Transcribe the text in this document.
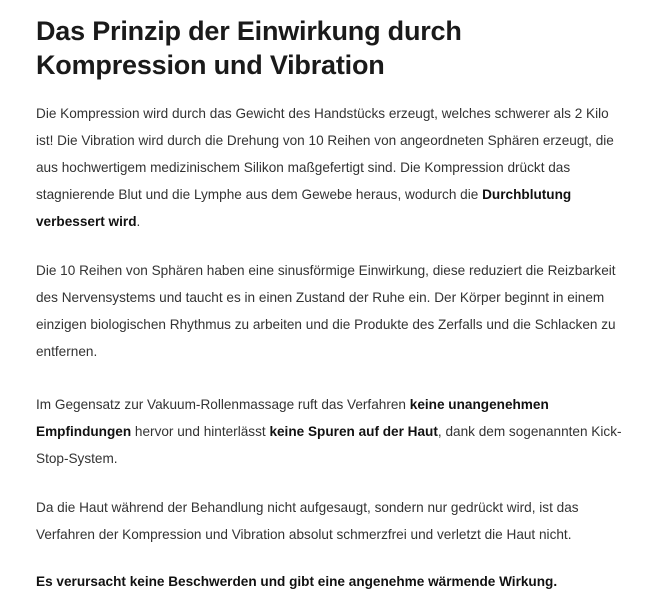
Das Prinzip der Einwirkung durch Kompression und Vibration

Die Kompression wird durch das Gewicht des Handstücks erzeugt, welches schwerer als 2 Kilo ist! Die Vibration wird durch die Drehung von 10 Reihen von angeordneten Sphären erzeugt, die aus hochwertigem medizinischem Silikon maßgefertigt sind. Die Kompression drückt das stagnierende Blut und die Lymphe aus dem Gewebe heraus, wodurch die Durchblutung verbessert wird.

Die 10 Reihen von Sphären haben eine sinusförmige Einwirkung, diese reduziert die Reizbarkeit des Nervensystems und taucht es in einen Zustand der Ruhe ein. Der Körper beginnt in einem einzigen biologischen Rhythmus zu arbeiten und die Produkte des Zerfalls und die Schlacken zu entfernen.

Im Gegensatz zur Vakuum-Rollenmassage ruft das Verfahren keine unangenehmen Empfindungen hervor und hinterlässt keine Spuren auf der Haut, dank dem sogenannten Kick-Stop-System.

Da die Haut während der Behandlung nicht aufgesaugt, sondern nur gedrückt wird, ist das Verfahren der Kompression und Vibration absolut schmerzfrei und verletzt die Haut nicht.

Es verursacht keine Beschwerden und gibt eine angenehme wärmende Wirkung.
